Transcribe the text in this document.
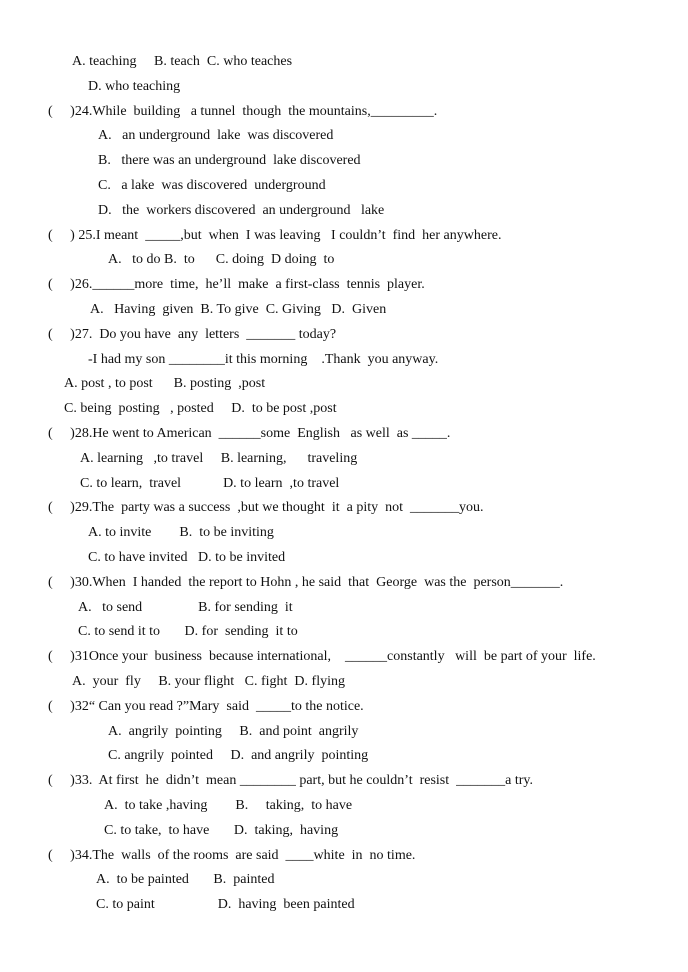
A. teaching     B. teach  C. who teaches
D. who teaching
(     )24.While  building   a tunnel  though  the mountains,_________.
A.   an underground  lake  was discovered
B.   there was an underground  lake discovered
C.   a lake  was discovered  underground
D.   the  workers discovered  an underground   lake
(     ) 25.I meant  _____,but  when  I was leaving   I couldn’t  find  her anywhere.
A.   to do B.  to      C. doing  D doing  to
(     )26.______more  time,  he’ll  make  a first-class  tennis  player.
A.   Having  given  B. To give  C. Giving   D.  Given
(     )27.  Do you have  any  letters  _______ today?
-I had my son ________it this morning    .Thank  you anyway.
A. post , to post      B. posting  ,post
C. being  posting   , posted     D.  to be post ,post
(     )28.He went to American  ______some  English   as well  as _____.
A. learning   ,to travel     B. learning,      traveling
C. to learn,  travel            D. to learn  ,to travel
(     )29.The  party was a success  ,but we thought  it  a pity  not  _______you.
A. to invite        B.  to be inviting
C. to have invited   D. to be invited
(     )30.When  I handed  the report to Hohn , he said  that  George  was the  person_______.
A.   to send                B. for sending  it
C. to send it to       D. for  sending  it to
(     )31Once your  business  because international,    ______constantly   will  be part of your  life.
A.  your  fly     B. your flight   C. fight  D. flying
(     )32“ Can you read ?”Mary  said  _____to the notice.
A.  angrily  pointing     B.  and point  angrily
C. angrily  pointed     D.  and angrily  pointing
(     )33.  At first  he  didn’t  mean ________ part, but he couldn’t  resist  _______a try.
A.  to take ,having        B.     taking,  to have
C. to take,  to have       D.  taking,  having
(     )34.The  walls  of the rooms  are said  ____white  in  no time.
A.  to be painted       B.  painted
C. to paint                  D.  having  been painted
